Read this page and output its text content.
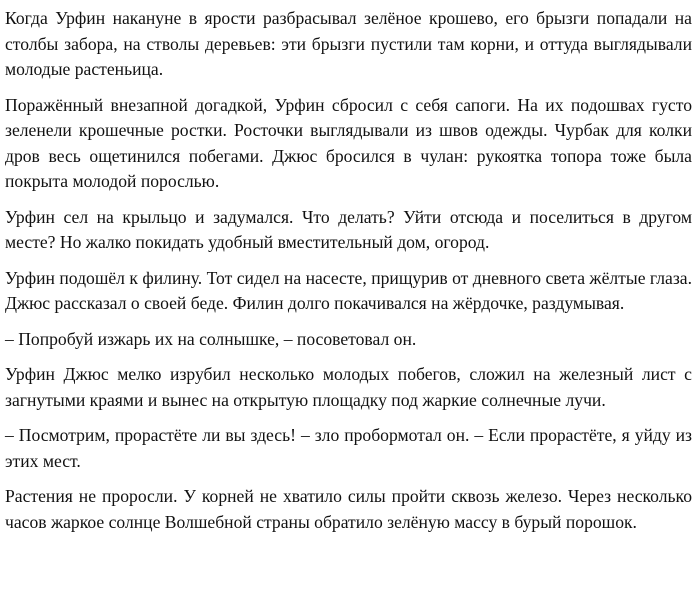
Когда Урфин накануне в ярости разбрасывал зелёное крошево, его брызги попадали на столбы забора, на стволы деревьев: эти брызги пустили там корни, и оттуда выглядывали молодые растеньица.

Поражённый внезапной догадкой, Урфин сбросил с себя сапоги. На их подошвах густо зеленели крошечные ростки. Росточки выглядывали из швов одежды. Чурбак для колки дров весь ощетинился побегами. Джюс бросился в чулан: рукоятка топора тоже была покрыта молодой порослью.

Урфин сел на крыльцо и задумался. Что делать? Уйти отсюда и поселиться в другом месте? Но жалко покидать удобный вместительный дом, огород.

Урфин подошёл к филину. Тот сидел на насесте, прищурив от дневного света жёлтые глаза. Джюс рассказал о своей беде. Филин долго покачивался на жёрдочке, раздумывая.

– Попробуй изжарь их на солнышке, – посоветовал он.

Урфин Джюс мелко изрубил несколько молодых побегов, сложил на железный лист с загнутыми краями и вынес на открытую площадку под жаркие солнечные лучи.

– Посмотрим, прорастёте ли вы здесь! – зло пробормотал он. – Если прорастёте, я уйду из этих мест.

Растения не проросли. У корней не хватило силы пройти сквозь железо. Через несколько часов жаркое солнце Волшебной страны обратило зелёную массу в бурый порошок.
